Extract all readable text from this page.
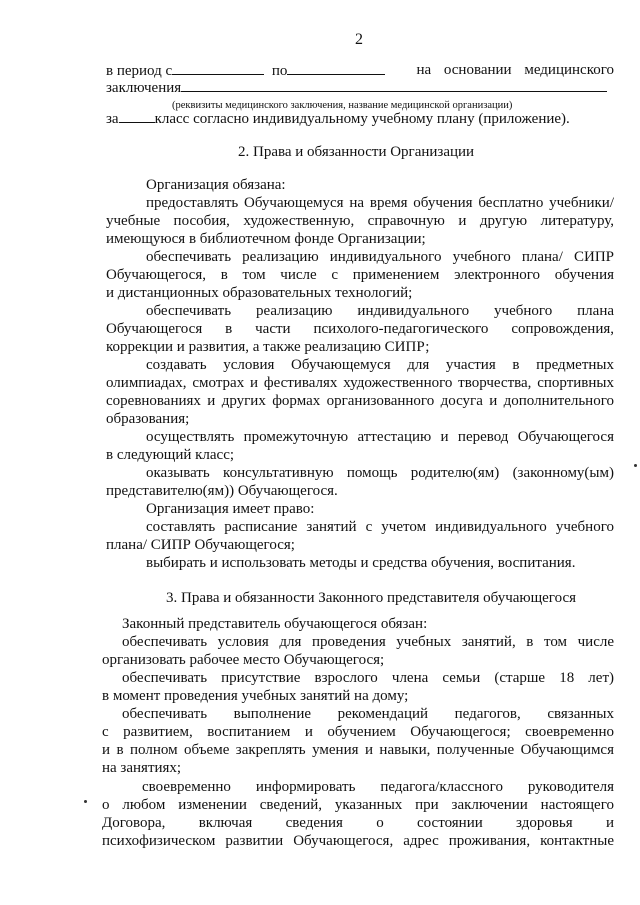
2
в период с	по	на основании медицинского
заключения
(реквизиты медицинского заключения, название медицинской организации)
за класс согласно индивидуальному учебному плану (приложение).
2. Права и обязанности Организации
Организация обязана:
предоставлять Обучающемуся на время обучения бесплатно учебники/
учебные пособия, художественную, справочную и другую литературу,
имеющуюся в библиотечном фонде Организации;
обеспечивать реализацию индивидуального учебного плана/ СИПР
Обучающегося, в том числе с применением электронного обучения
и дистанционных образовательных технологий;
обеспечивать реализацию индивидуального учебного плана
Обучающегося в части психолого-педагогического сопровождения,
коррекции и развития, а также реализацию СИПР;
создавать условия Обучающемуся для участия в предметных
олимпиадах, смотрах и фестивалях художественного творчества, спортивных
соревнованиях и других формах организованного досуга и дополнительного
образования;
осуществлять промежуточную аттестацию и перевод Обучающегося
в следующий класс;
оказывать консультативную помощь родителю(ям) (законному(ым)
представителю(ям)) Обучающегося.
Организация имеет право:
составлять расписание занятий с учетом индивидуального учебного
плана/ СИПР Обучающегося;
выбирать и использовать методы и средства обучения, воспитания.
3. Права и обязанности Законного представителя обучающегося
Законный представитель обучающегося обязан:
обеспечивать условия для проведения учебных занятий, в том числе
организовать рабочее место Обучающегося;
обеспечивать присутствие взрослого члена семьи (старше 18 лет)
в момент проведения учебных занятий на дому;
обеспечивать выполнение рекомендаций педагогов, связанных
с развитием, воспитанием и обучением Обучающегося; своевременно
и в полном объеме закреплять умения и навыки, полученные Обучающимся
на занятиях;
своевременно информировать педагога/классного руководителя
о любом изменении сведений, указанных при заключении настоящего
Договора, включая сведения о состоянии здоровья и
психофизическом развитии Обучающегося, адрес проживания, контактные
